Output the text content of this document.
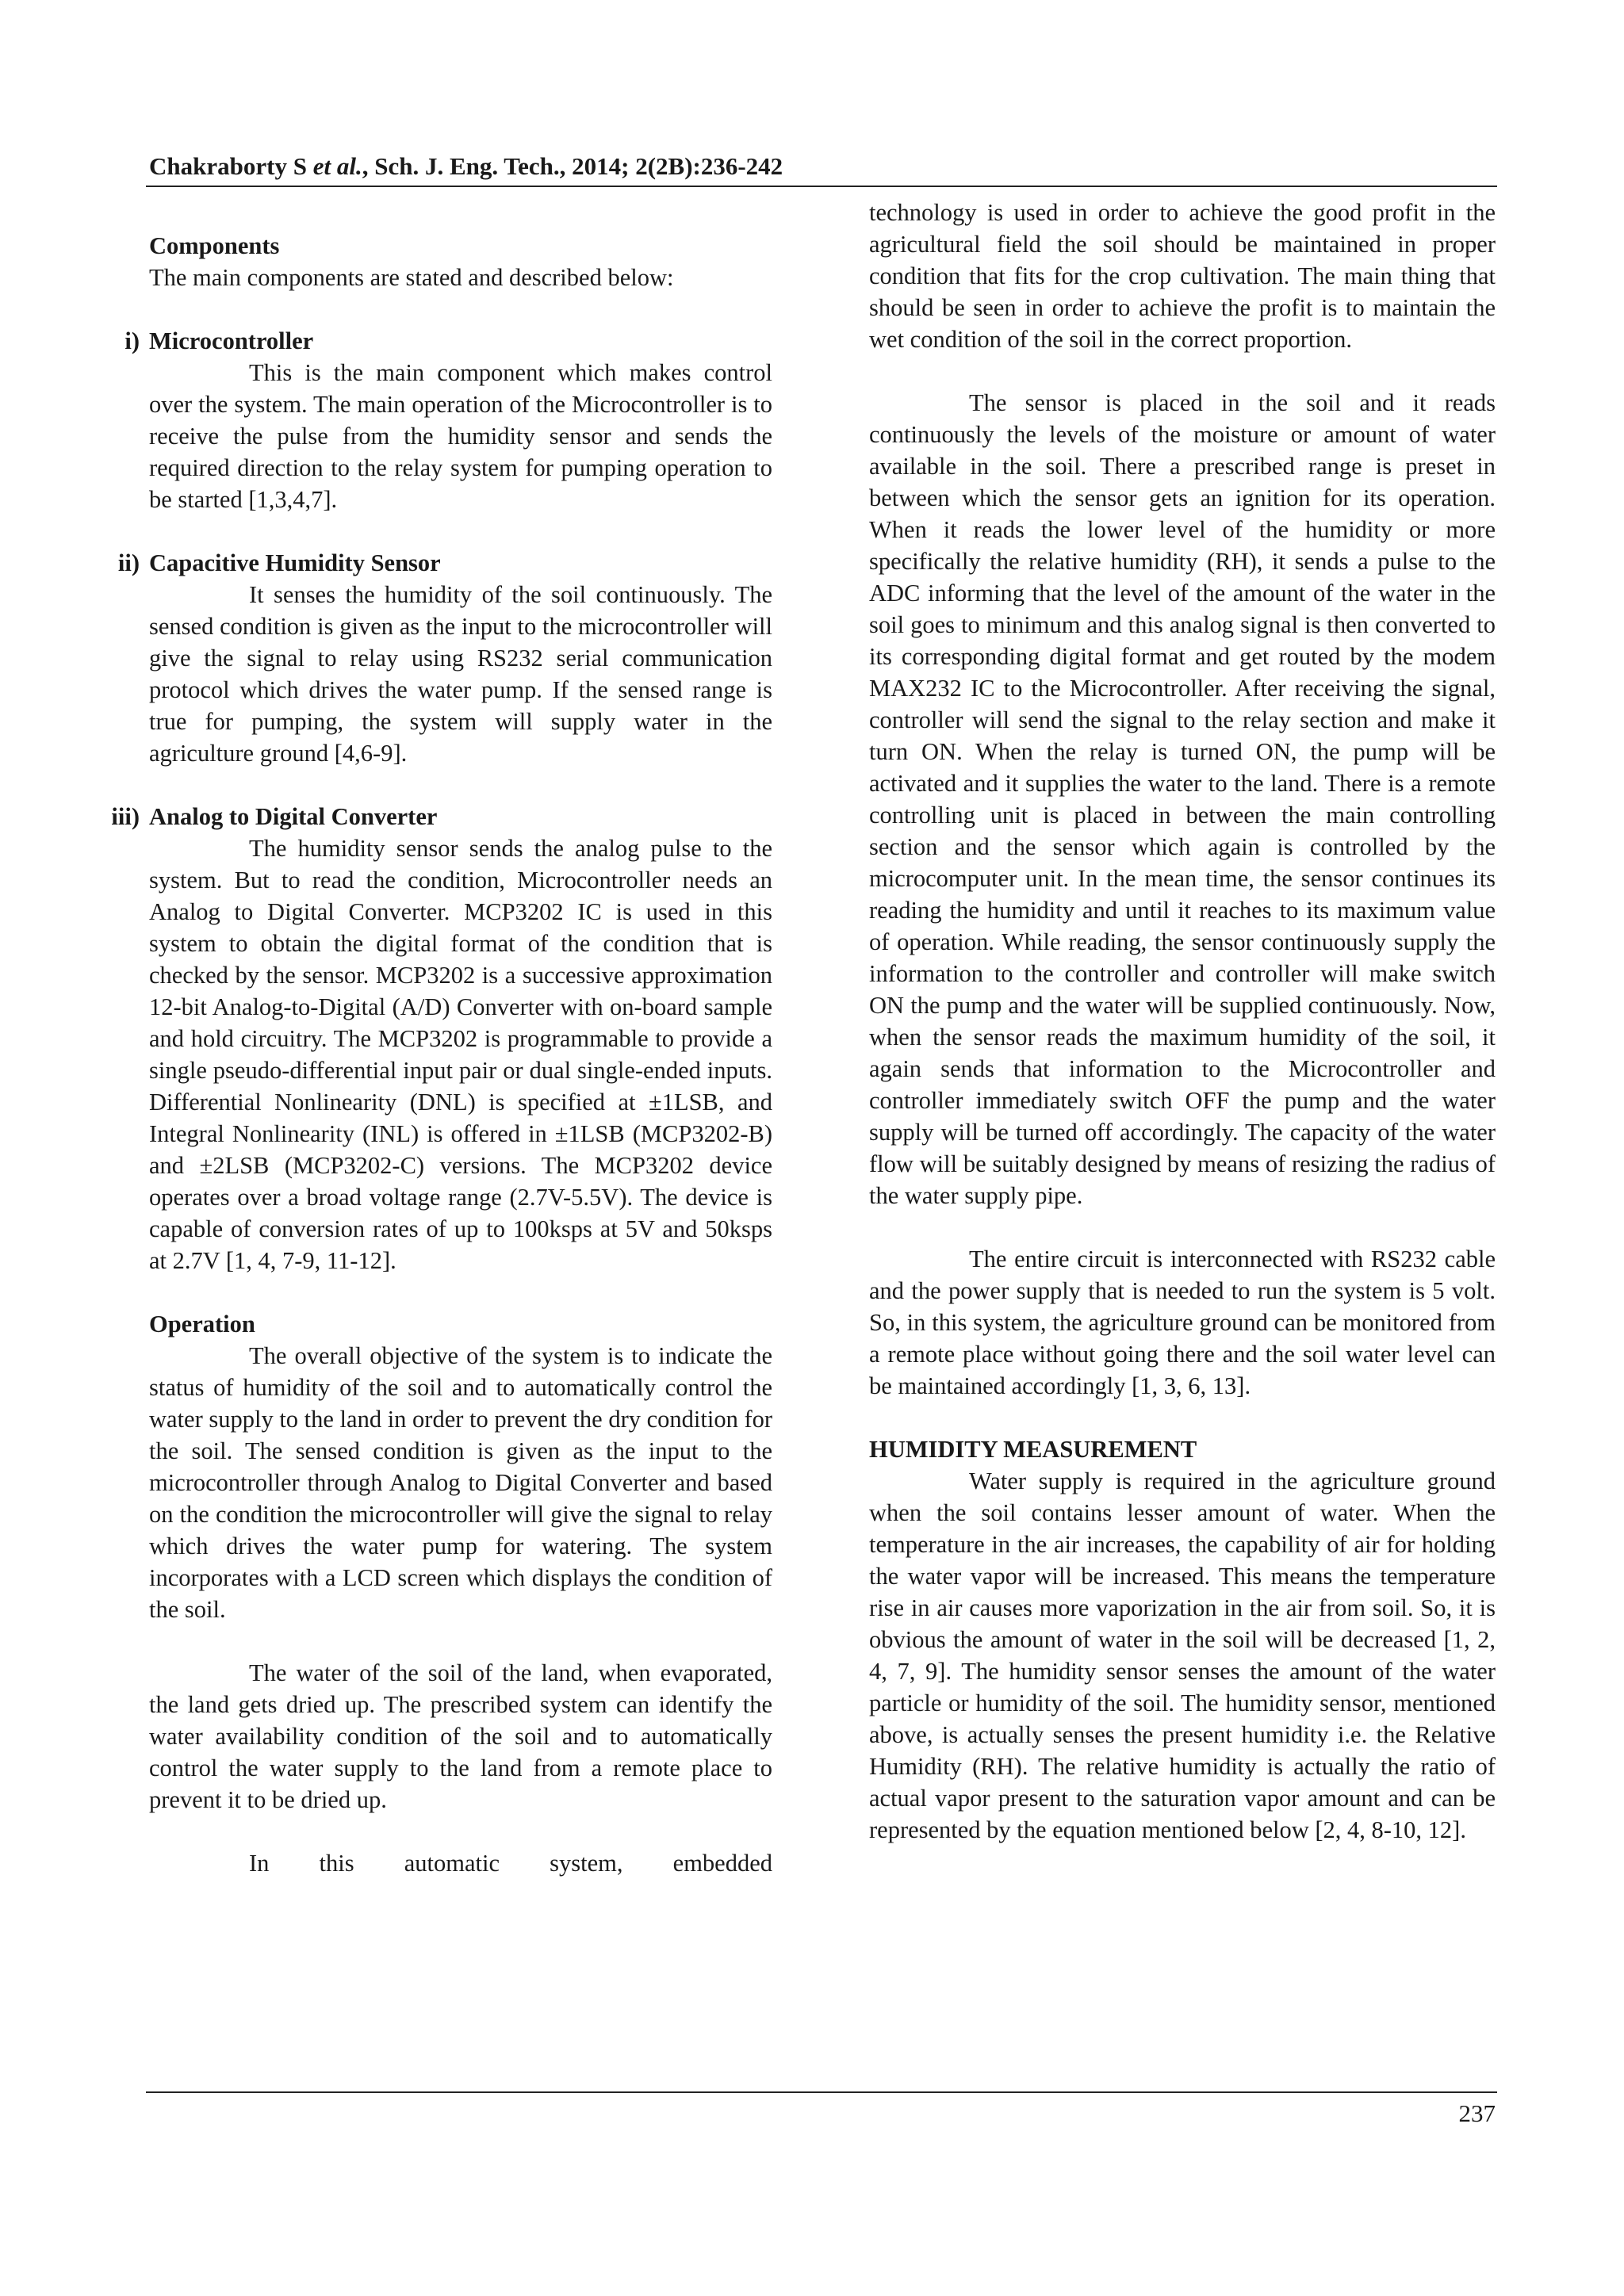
Chakraborty S et al., Sch. J. Eng. Tech., 2014; 2(2B):236-242

Components

The main components are stated and described below:

i) Microcontroller

This is the main component which makes control over the system. The main operation of the Microcontroller is to receive the pulse from the humidity sensor and sends the required direction to the relay system for pumping operation to be started [1,3,4,7].

ii) Capacitive Humidity Sensor

It senses the humidity of the soil continuously. The sensed condition is given as the input to the microcontroller will give the signal to relay using RS232 serial communication protocol which drives the water pump. If the sensed range is true for pumping, the system will supply water in the agriculture ground [4,6-9].

iii) Analog to Digital Converter

The humidity sensor sends the analog pulse to the system. But to read the condition, Microcontroller needs an Analog to Digital Converter. MCP3202 IC is used in this system to obtain the digital format of the condition that is checked by the sensor. MCP3202 is a successive approximation 12-bit Analog-to-Digital (A/D) Converter with on-board sample and hold circuitry. The MCP3202 is programmable to provide a single pseudo-differential input pair or dual single-ended inputs. Differential Nonlinearity (DNL) is specified at ±1LSB, and Integral Nonlinearity (INL) is offered in ±1LSB (MCP3202-B) and ±2LSB (MCP3202-C) versions. The MCP3202 device operates over a broad voltage range (2.7V-5.5V). The device is capable of conversion rates of up to 100ksps at 5V and 50ksps at 2.7V [1, 4, 7-9, 11-12].

Operation

The overall objective of the system is to indicate the status of humidity of the soil and to automatically control the water supply to the land in order to prevent the dry condition for the soil. The sensed condition is given as the input to the microcontroller through Analog to Digital Converter and based on the condition the microcontroller will give the signal to relay which drives the water pump for watering. The system incorporates with a LCD screen which displays the condition of the soil.

The water of the soil of the land, when evaporated, the land gets dried up. The prescribed system can identify the water availability condition of the soil and to automatically control the water supply to the land from a remote place to prevent it to be dried up.

In this automatic system, embedded

technology is used in order to achieve the good profit in the agricultural field the soil should be maintained in proper condition that fits for the crop cultivation. The main thing that should be seen in order to achieve the profit is to maintain the wet condition of the soil in the correct proportion.

The sensor is placed in the soil and it reads continuously the levels of the moisture or amount of water available in the soil. There a prescribed range is preset in between which the sensor gets an ignition for its operation. When it reads the lower level of the humidity or more specifically the relative humidity (RH), it sends a pulse to the ADC informing that the level of the amount of the water in the soil goes to minimum and this analog signal is then converted to its corresponding digital format and get routed by the modem MAX232 IC to the Microcontroller. After receiving the signal, controller will send the signal to the relay section and make it turn ON. When the relay is turned ON, the pump will be activated and it supplies the water to the land. There is a remote controlling unit is placed in between the main controlling section and the sensor which again is controlled by the microcomputer unit. In the mean time, the sensor continues its reading the humidity and until it reaches to its maximum value of operation. While reading, the sensor continuously supply the information to the controller and controller will make switch ON the pump and the water will be supplied continuously. Now, when the sensor reads the maximum humidity of the soil, it again sends that information to the Microcontroller and controller immediately switch OFF the pump and the water supply will be turned off accordingly. The capacity of the water flow will be suitably designed by means of resizing the radius of the water supply pipe.

The entire circuit is interconnected with RS232 cable and the power supply that is needed to run the system is 5 volt. So, in this system, the agriculture ground can be monitored from a remote place without going there and the soil water level can be maintained accordingly [1, 3, 6, 13].

HUMIDITY MEASUREMENT

Water supply is required in the agriculture ground when the soil contains lesser amount of water. When the temperature in the air increases, the capability of air for holding the water vapor will be increased. This means the temperature rise in air causes more vaporization in the air from soil. So, it is obvious the amount of water in the soil will be decreased [1, 2, 4, 7, 9]. The humidity sensor senses the amount of the water particle or humidity of the soil. The humidity sensor, mentioned above, is actually senses the present humidity i.e. the Relative Humidity (RH). The relative humidity is actually the ratio of actual vapor present to the saturation vapor amount and can be represented by the equation mentioned below [2, 4, 8-10, 12].

237
